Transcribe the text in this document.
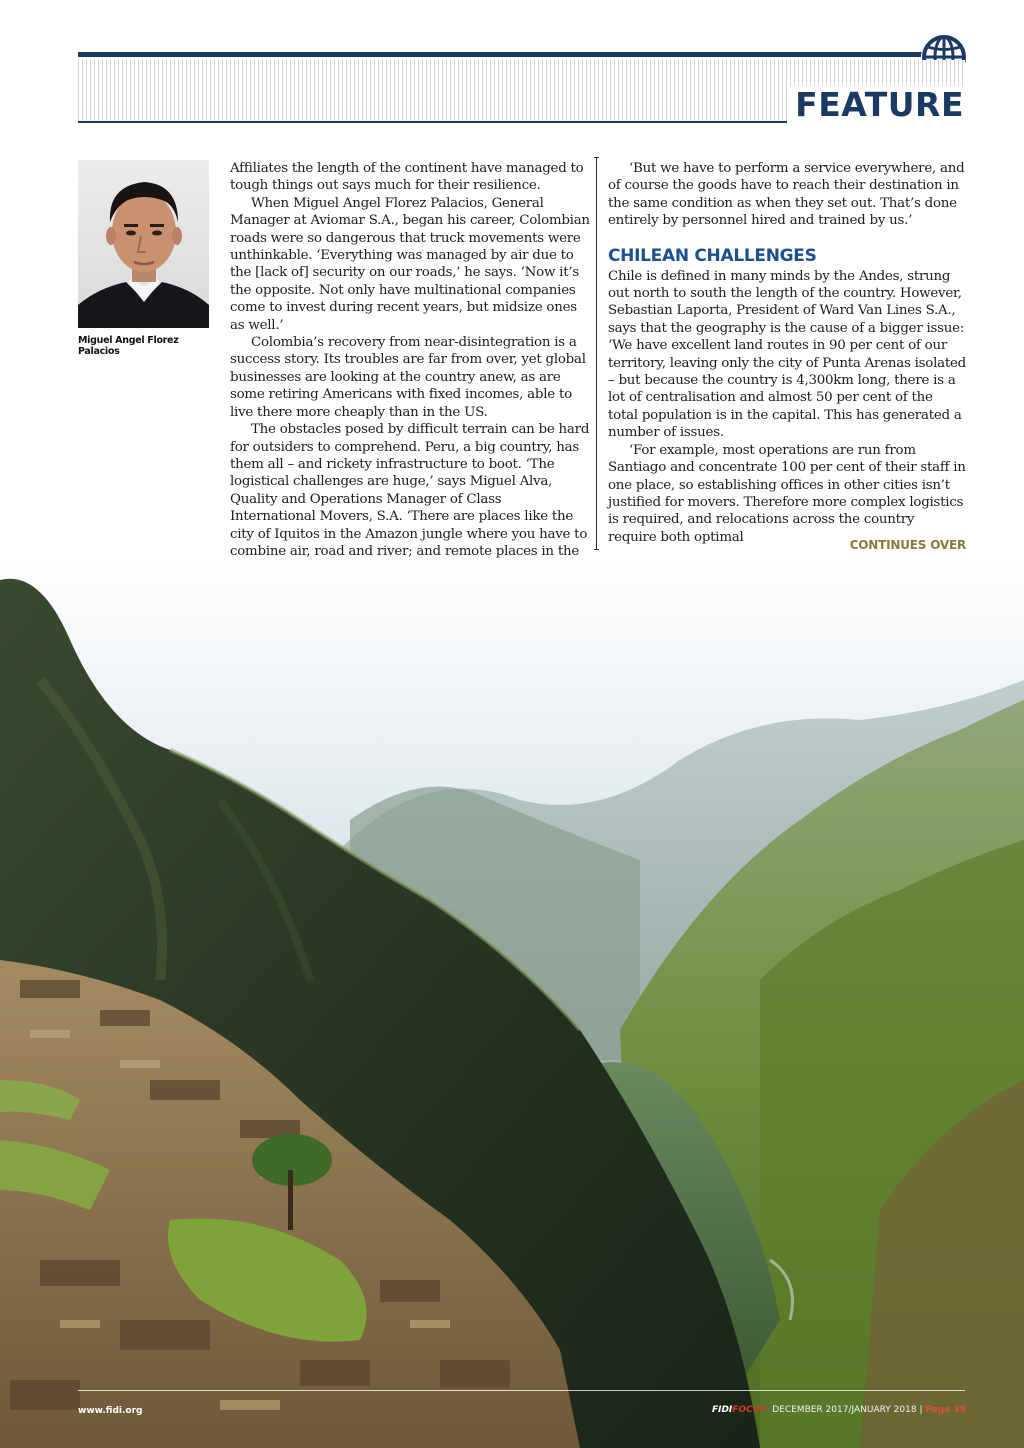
FEATURE
Miguel Angel Florez Palacios

Affiliates the length of the continent have managed to tough things out says much for their resilience.

When Miguel Angel Florez Palacios, General Manager at Aviomar S.A., began his career, Colombian roads were so dangerous that truck movements were unthinkable. ‘Everything was managed by air due to the [lack of] security on our roads,’ he says. ‘Now it’s the opposite. Not only have multinational companies come to invest during recent years, but midsize ones as well.’

Colombia’s recovery from near-disintegration is a success story. Its troubles are far from over, yet global businesses are looking at the country anew, as are some retiring Americans with fixed incomes, able to live there more cheaply than in the US.

The obstacles posed by difficult terrain can be hard for outsiders to comprehend. Peru, a big country, has them all – and rickety infrastructure to boot. ‘The logistical challenges are huge,’ says Miguel Alva, Quality and Operations Manager of Class International Movers, S.A. ‘There are places like the city of Iquitos in the Amazon jungle where you have to combine air, road and river; and remote places in the

‘But we have to perform a service everywhere, and of course the goods have to reach their destination in the same condition as when they set out. That’s done entirely by personnel hired and trained by us.’

CHILEAN CHALLENGES

Chile is defined in many minds by the Andes, strung out north to south the length of the country. However, Sebastian Laporta, President of Ward Van Lines S.A., says that the geography is the cause of a bigger issue: ‘We have excellent land routes in 90 per cent of our territory, leaving only the city of Punta Arenas isolated – but because the country is 4,300km long, there is a lot of centralisation and almost 50 per cent of the total population is in the capital. This has generated a number of issues.

‘For example, most operations are run from Santiago and concentrate 100 per cent of their staff in one place, so establishing offices in other cities isn’t justified for movers. Therefore more complex logistics is required, and relocations across the country require both optimal

CONTINUES OVER
www.fidi.org	FIDIFOCUS DECEMBER 2017/JANUARY 2018 | Page 39
